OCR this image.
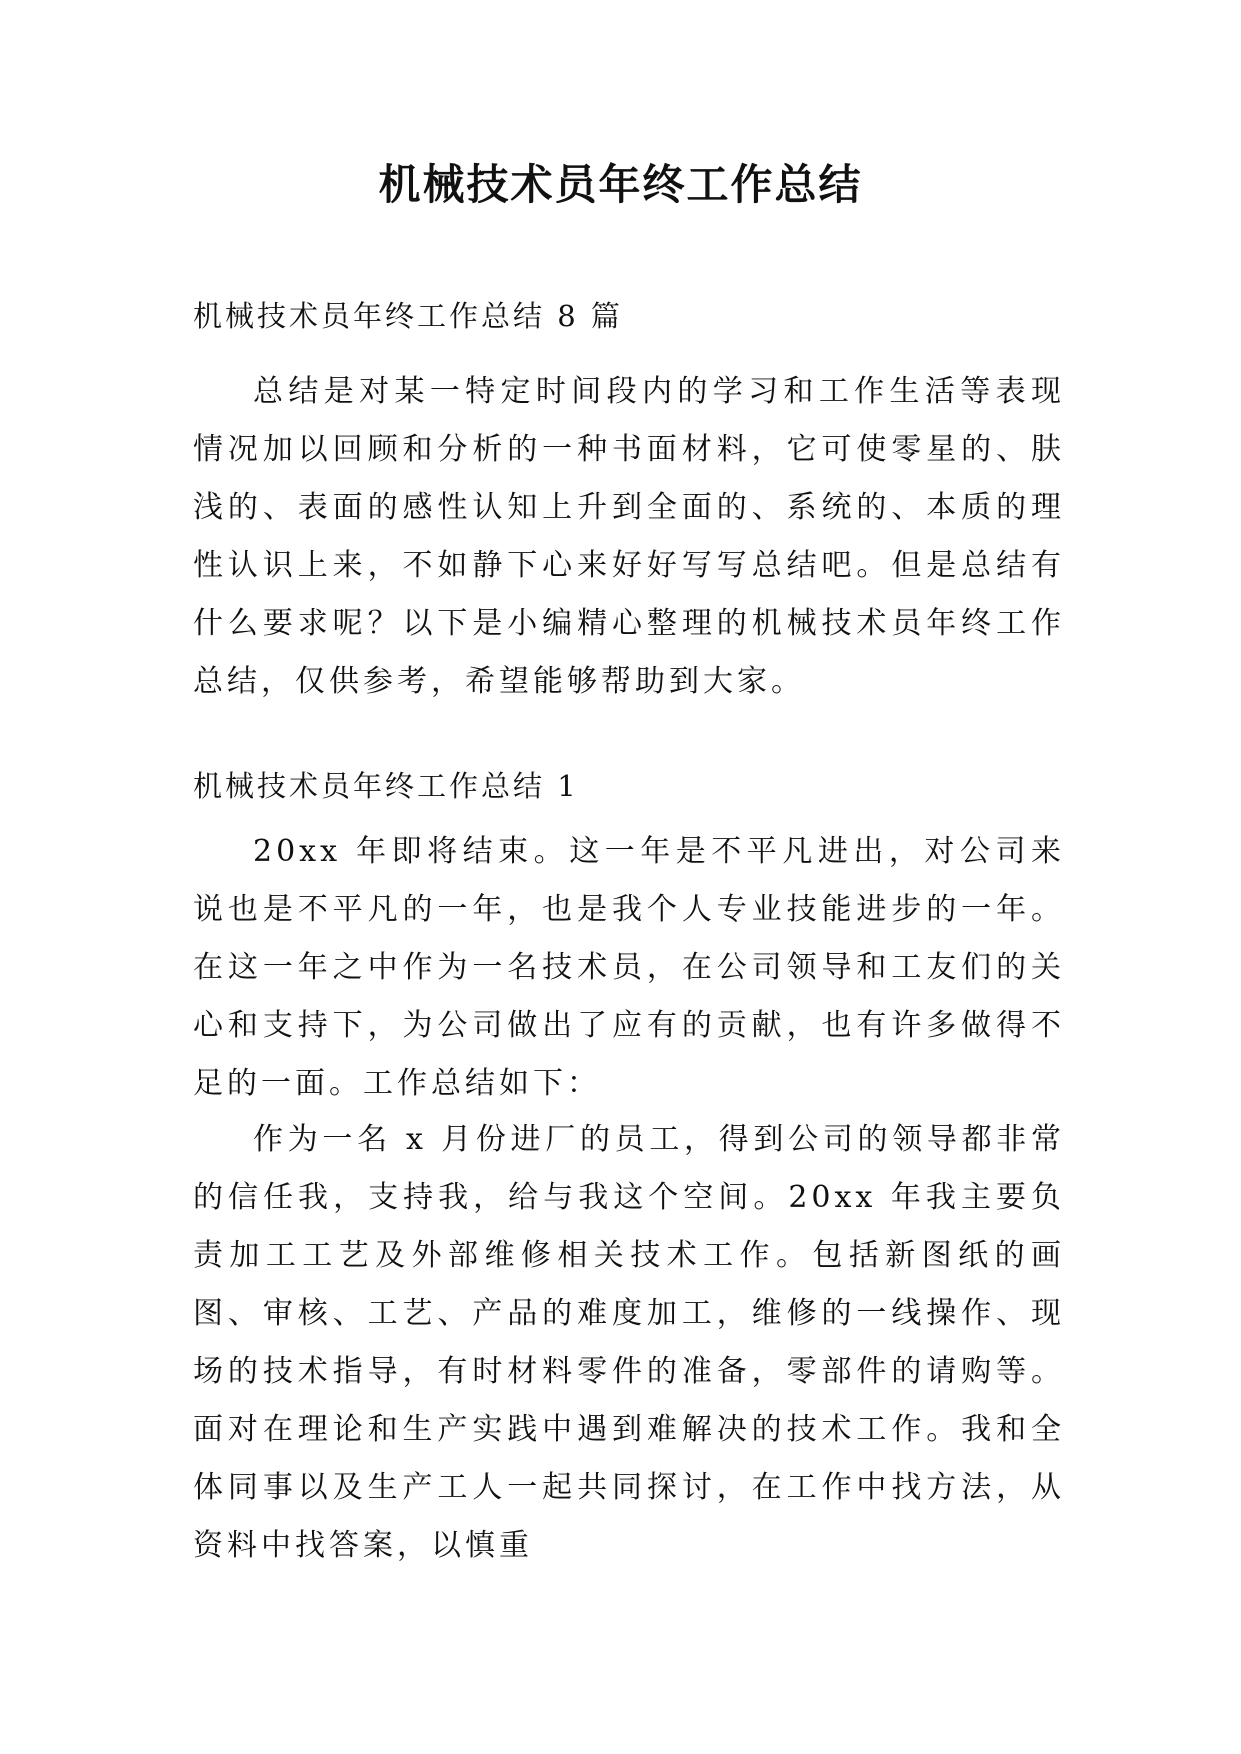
机械技术员年终工作总结

机械技术员年终工作总结 8 篇

总结是对某一特定时间段内的学习和工作生活等表现情况加以回顾和分析的一种书面材料，它可使零星的、肤浅的、表面的感性认知上升到全面的、系统的、本质的理性认识上来，不如静下心来好好写写总结吧。但是总结有什么要求呢？以下是小编精心整理的机械技术员年终工作总结，仅供参考，希望能够帮助到大家。

机械技术员年终工作总结 1

20xx 年即将结束。这一年是不平凡进出，对公司来说也是不平凡的一年，也是我个人专业技能进步的一年。在这一年之中作为一名技术员，在公司领导和工友们的关心和支持下，为公司做出了应有的贡献，也有许多做得不足的一面。工作总结如下：

作为一名 x 月份进厂的员工，得到公司的领导都非常的信任我，支持我，给与我这个空间。20xx 年我主要负责加工工艺及外部维修相关技术工作。包括新图纸的画图、审核、工艺、产品的难度加工，维修的一线操作、现场的技术指导，有时材料零件的准备，零部件的请购等。面对在理论和生产实践中遇到难解决的技术工作。我和全体同事以及生产工人一起共同探讨，在工作中找方法，从资料中找答案，以慎重
